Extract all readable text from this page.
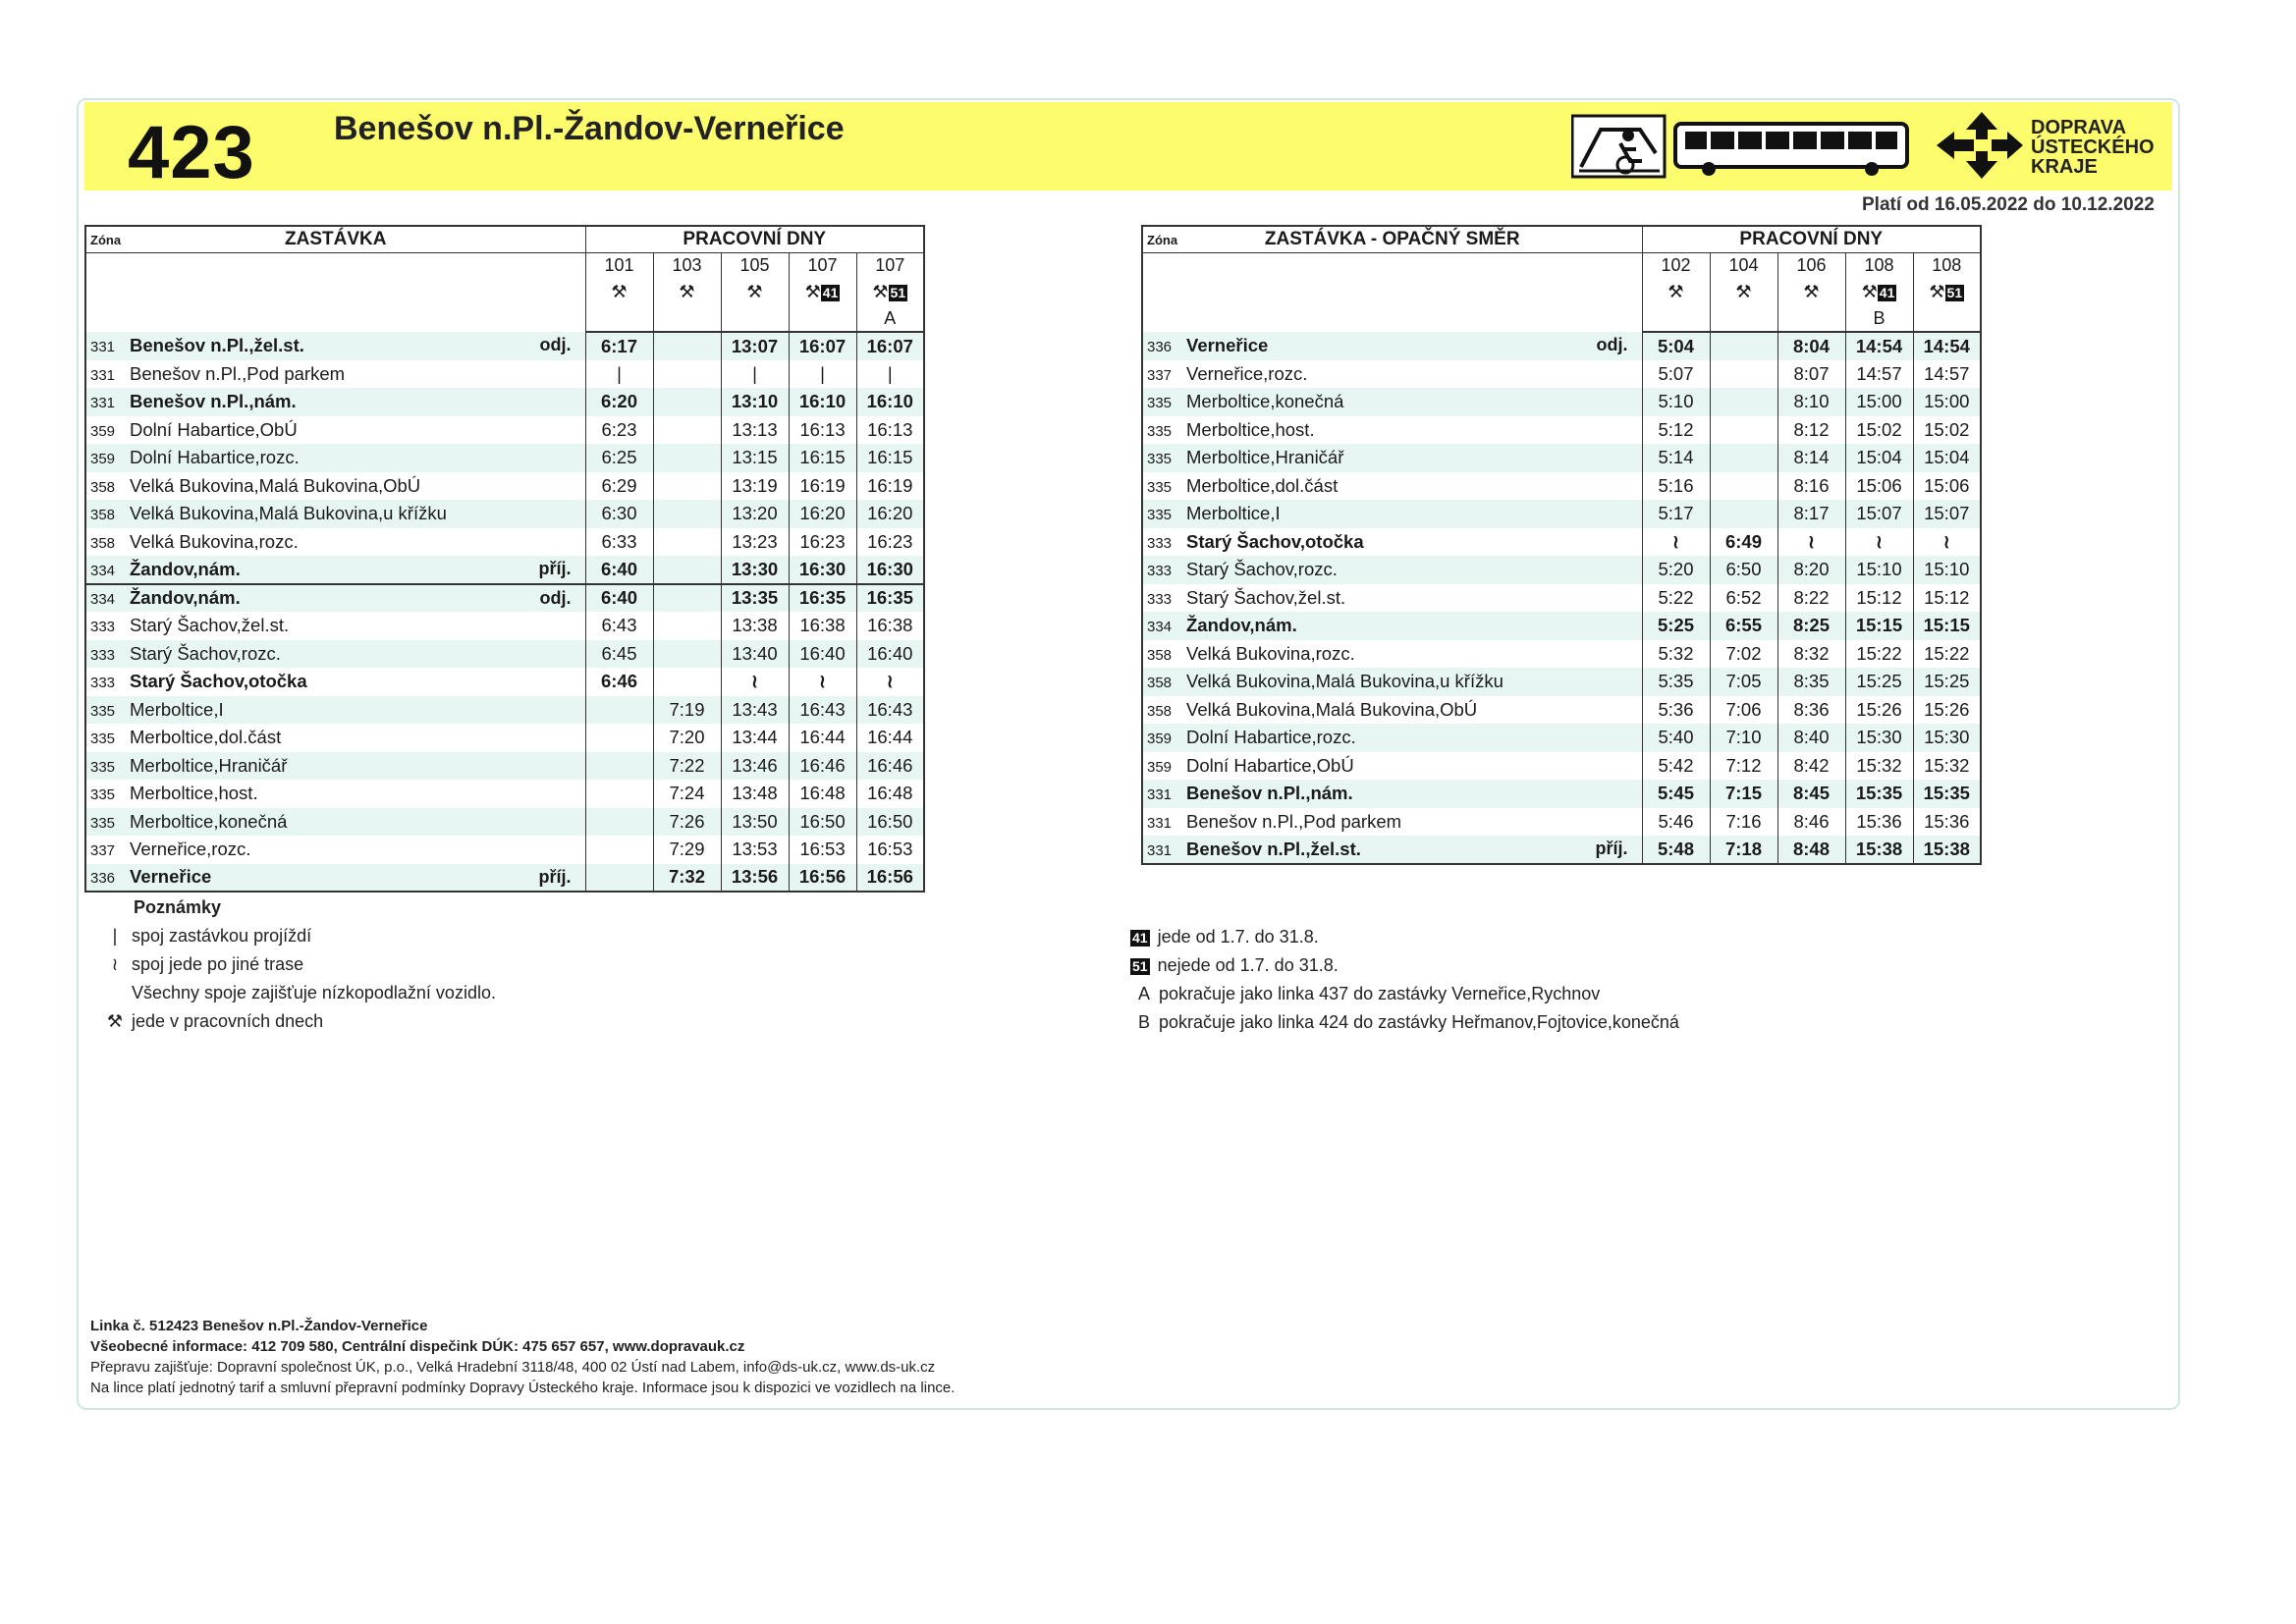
423 Benešov n.Pl.-Žandov-Verneřice	DOPRAVA
ÚSTECKÉHO
KRAJE
Platí od 16.05.2022 do 10.12.2022
Zóna ZASTÁVKA	PRACOVNÍ DNY				
	101	103	105	107	107
	⚒	⚒	⚒	⚒ 41	⚒ 51
					A
331 Benešov n.Pl.,žel.st. odj.	6:17		13:07	16:07	16:07
331 Benešov n.Pl.,Pod parkem	|		|	|	|
331 Benešov n.Pl.,nám.	6:20		13:10	16:10	16:10
359 Dolní Habartice,ObÚ	6:23		13:13	16:13	16:13
359 Dolní Habartice,rozc.	6:25		13:15	16:15	16:15
358 Velká Bukovina,Malá Bukovina,ObÚ	6:29		13:19	16:19	16:19
358 Velká Bukovina,Malá Bukovina,u křížku	6:30		13:20	16:20	16:20
358 Velká Bukovina,rozc.	6:33		13:23	16:23	16:23
334 Žandov,nám. příj.	6:40		13:30	16:30	16:30
334 Žandov,nám. odj.	6:40		13:35	16:35	16:35
333 Starý Šachov,žel.st.	6:43		13:38	16:38	16:38
333 Starý Šachov,rozc.	6:45		13:40	16:40	16:40
333 Starý Šachov,otočka	6:46		≀	≀	≀
335 Merboltice,I		7:19	13:43	16:43	16:43
335 Merboltice,dol.část		7:20	13:44	16:44	16:44
335 Merboltice,Hraničář		7:22	13:46	16:46	16:46
335 Merboltice,host.		7:24	13:48	16:48	16:48
335 Merboltice,konečná		7:26	13:50	16:50	16:50
337 Verneřice,rozc.		7:29	13:53	16:53	16:53
336 Verneřice příj.		7:32	13:56	16:56	16:56
Zóna ZASTÁVKA - OPAČNÝ SMĚR	PRACOVNÍ DNY				
	102	104	106	108	108
	⚒	⚒	⚒	⚒ 41	⚒ 51
				B	
336 Verneřice odj.	5:04		8:04	14:54	14:54
337 Verneřice,rozc.	5:07		8:07	14:57	14:57
335 Merboltice,konečná	5:10		8:10	15:00	15:00
335 Merboltice,host.	5:12		8:12	15:02	15:02
335 Merboltice,Hraničář	5:14		8:14	15:04	15:04
335 Merboltice,dol.část	5:16		8:16	15:06	15:06
335 Merboltice,I	5:17		8:17	15:07	15:07
333 Starý Šachov,otočka	≀	6:49	≀	≀	≀
333 Starý Šachov,rozc.	5:20	6:50	8:20	15:10	15:10
333 Starý Šachov,žel.st.	5:22	6:52	8:22	15:12	15:12
334 Žandov,nám.	5:25	6:55	8:25	15:15	15:15
358 Velká Bukovina,rozc.	5:32	7:02	8:32	15:22	15:22
358 Velká Bukovina,Malá Bukovina,u křížku	5:35	7:05	8:35	15:25	15:25
358 Velká Bukovina,Malá Bukovina,ObÚ	5:36	7:06	8:36	15:26	15:26
359 Dolní Habartice,rozc.	5:40	7:10	8:40	15:30	15:30
359 Dolní Habartice,ObÚ	5:42	7:12	8:42	15:32	15:32
331 Benešov n.Pl.,nám.	5:45	7:15	8:45	15:35	15:35
331 Benešov n.Pl.,Pod parkem	5:46	7:16	8:46	15:36	15:36
331 Benešov n.Pl.,žel.st. příj.	5:48	7:18	8:48	15:38	15:38
Poznámky
| spoj zastávkou projíždí
≀ spoj jede po jiné trase
Všechny spoje zajišťuje nízkopodlažní vozidlo.
⚒ jede v pracovních dnech
41 jede od 1.7. do 31.8.
51 nejede od 1.7. do 31.8.
A pokračuje jako linka 437 do zastávky Verneřice,Rychnov
B pokračuje jako linka 424 do zastávky Heřmanov,Fojtovice,konečná
Linka č. 512423 Benešov n.Pl.-Žandov-Verneřice
Všeobecné informace: 412 709 580, Centrální dispečink DÚK: 475 657 657, www.dopravauk.cz
Přepravu zajišťuje: Dopravní společnost ÚK, p.o., Velká Hradební 3118/48, 400 02 Ústí nad Labem, info@ds-uk.cz, www.ds-uk.cz
Na lince platí jednotný tarif a smluvní přepravní podmínky Dopravy Ústeckého kraje. Informace jsou k dispozici ve vozidlech na lince.
